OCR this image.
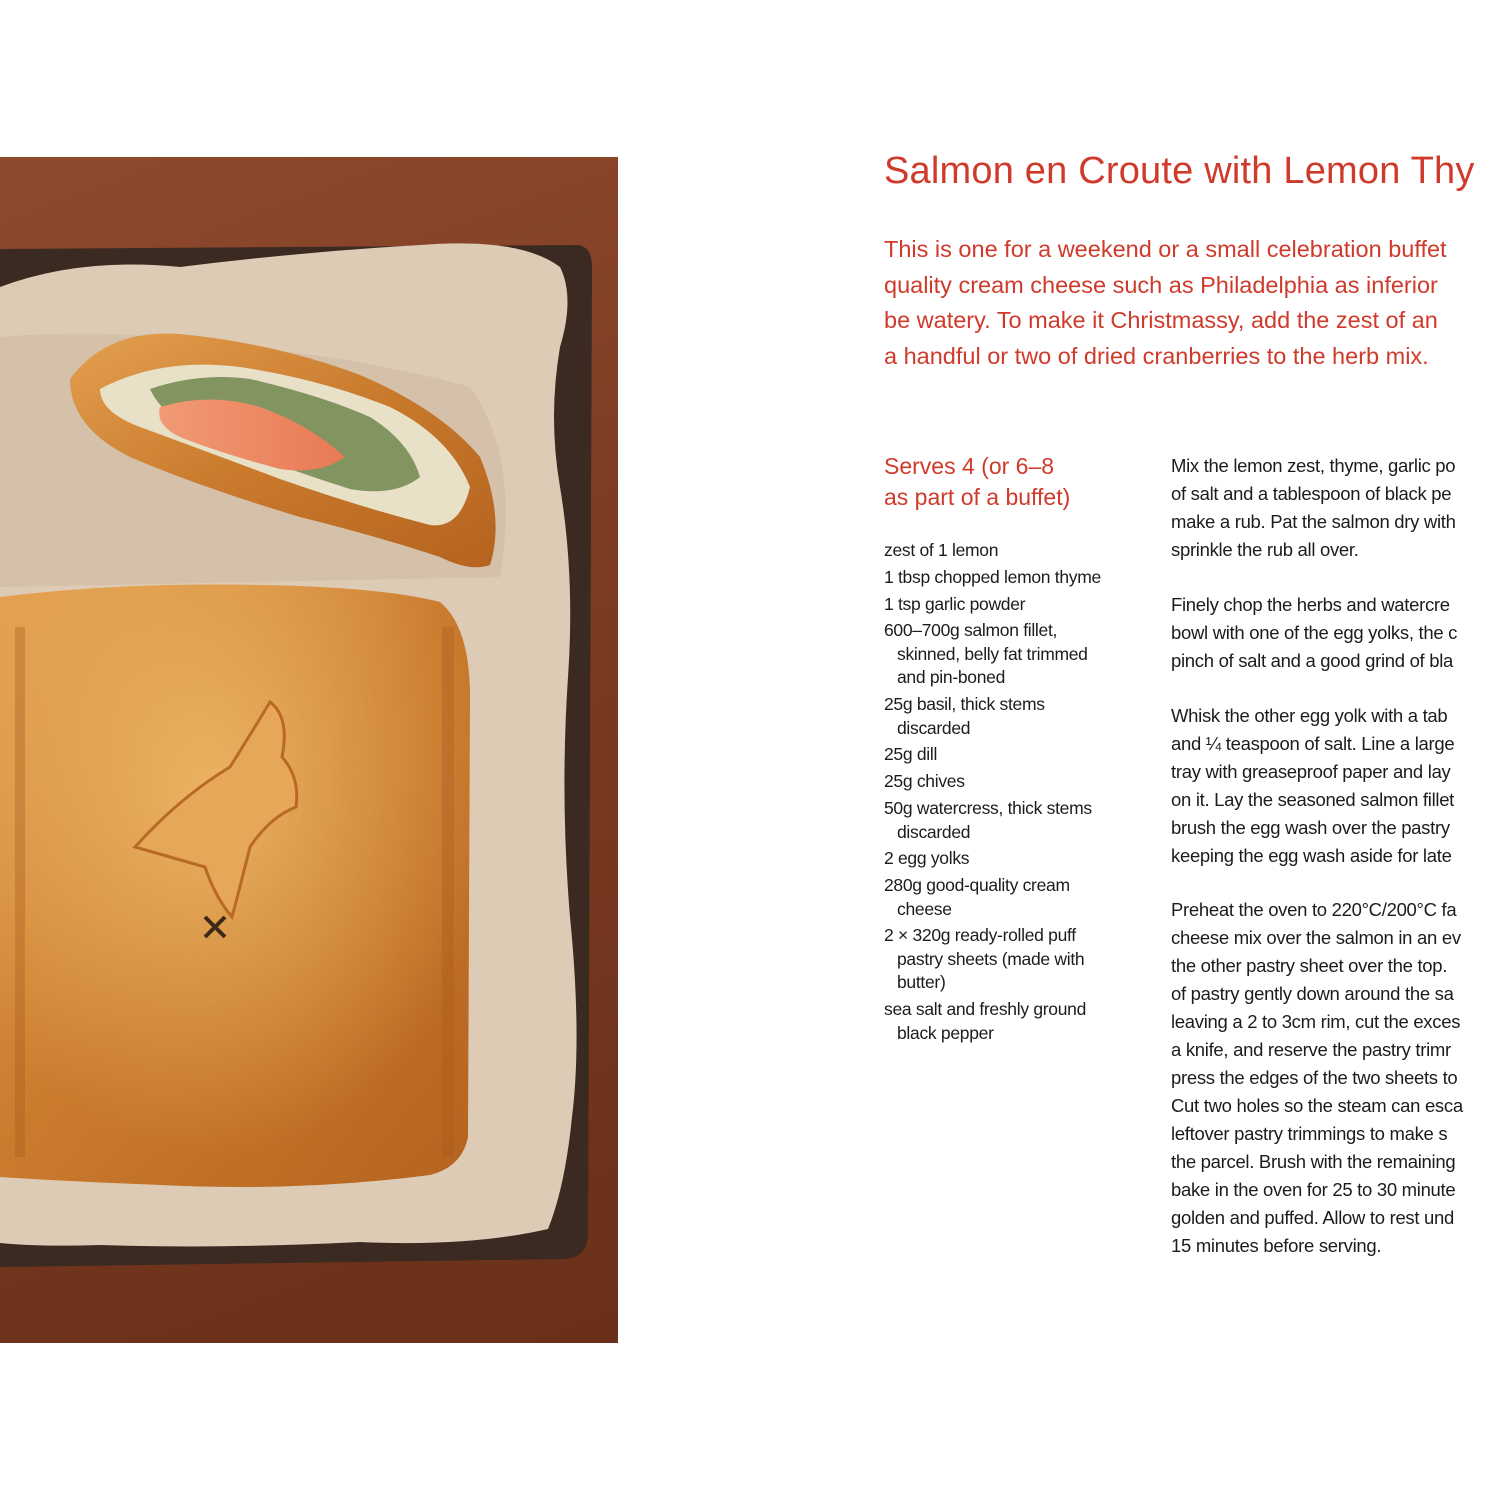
Salmon en Croute with Lemon Thy
This is one for a weekend or a small celebration buffet
quality cream cheese such as Philadelphia as inferior
be watery. To make it Christmassy, add the zest of an
a handful or two of dried cranberries to the herb mix.
Serves 4 (or 6–8
as part of a buffet)
zest of 1 lemon
1 tbsp chopped lemon thyme
1 tsp garlic powder
600–700g salmon fillet,
skinned, belly fat trimmed
and pin-boned
25g basil, thick stems
discarded
25g dill
25g chives
50g watercress, thick stems
discarded
2 egg yolks
280g good-quality cream
cheese
2 × 320g ready-rolled puff
pastry sheets (made with
butter)
sea salt and freshly ground
black pepper

Mix the lemon zest, thyme, garlic po
of salt and a tablespoon of black pe
make a rub. Pat the salmon dry with
sprinkle the rub all over.

Finely chop the herbs and watercre
bowl with one of the egg yolks, the c
pinch of salt and a good grind of bla

Whisk the other egg yolk with a tab
and ¼ teaspoon of salt. Line a large
tray with greaseproof paper and lay
on it. Lay the seasoned salmon fillet
brush the egg wash over the pastry
keeping the egg wash aside for late

Preheat the oven to 220°C/200°C fa
cheese mix over the salmon in an ev
the other pastry sheet over the top.
of pastry gently down around the sa
leaving a 2 to 3cm rim, cut the exces
a knife, and reserve the pastry trimr
press the edges of the two sheets to
Cut two holes so the steam can esca
leftover pastry trimmings to make s
the parcel. Brush with the remaining
bake in the oven for 25 to 30 minute
golden and puffed. Allow to rest und
15 minutes before serving.
